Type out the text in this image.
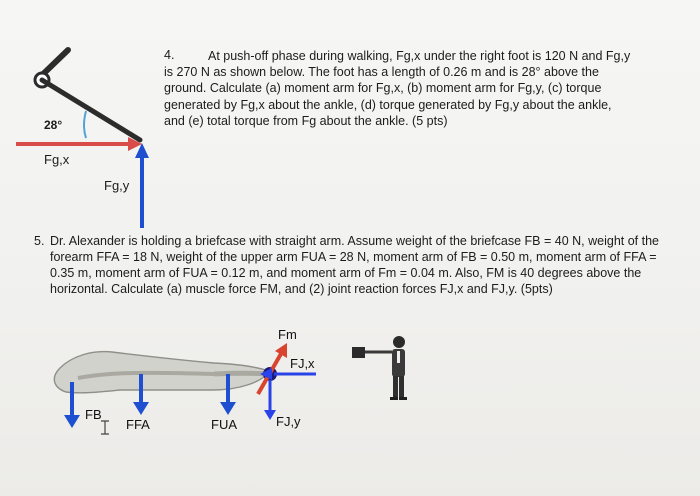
28°
Fg,x
Fg,y
4.	At push-off phase during walking, Fg,x under the right foot is 120 N and Fg,y is 270 N as shown below. The foot has a length of 0.26 m and is 28° above the ground. Calculate (a) moment arm for Fg,x, (b) moment arm for Fg,y, (c) torque generated by Fg,x about the ankle, (d) torque generated by Fg,y about the ankle, and (e) total torque from Fg about the ankle. (5 pts)
5. Dr. Alexander is holding a briefcase with straight arm. Assume weight of the briefcase FB = 40 N, weight of the forearm FFA = 18 N, weight of the upper arm FUA = 28 N, moment arm of FB = 0.50 m, moment arm of FFA = 0.35 m, moment arm of FUA = 0.12 m, and moment arm of Fm = 0.04 m. Also, FM is 40 degrees above the horizontal. Calculate (a) muscle force FM, and (2) joint reaction forces FJ,x and FJ,y. (5pts)
Fm
FJ,x
FJ,y
FB
FFA	FUA
